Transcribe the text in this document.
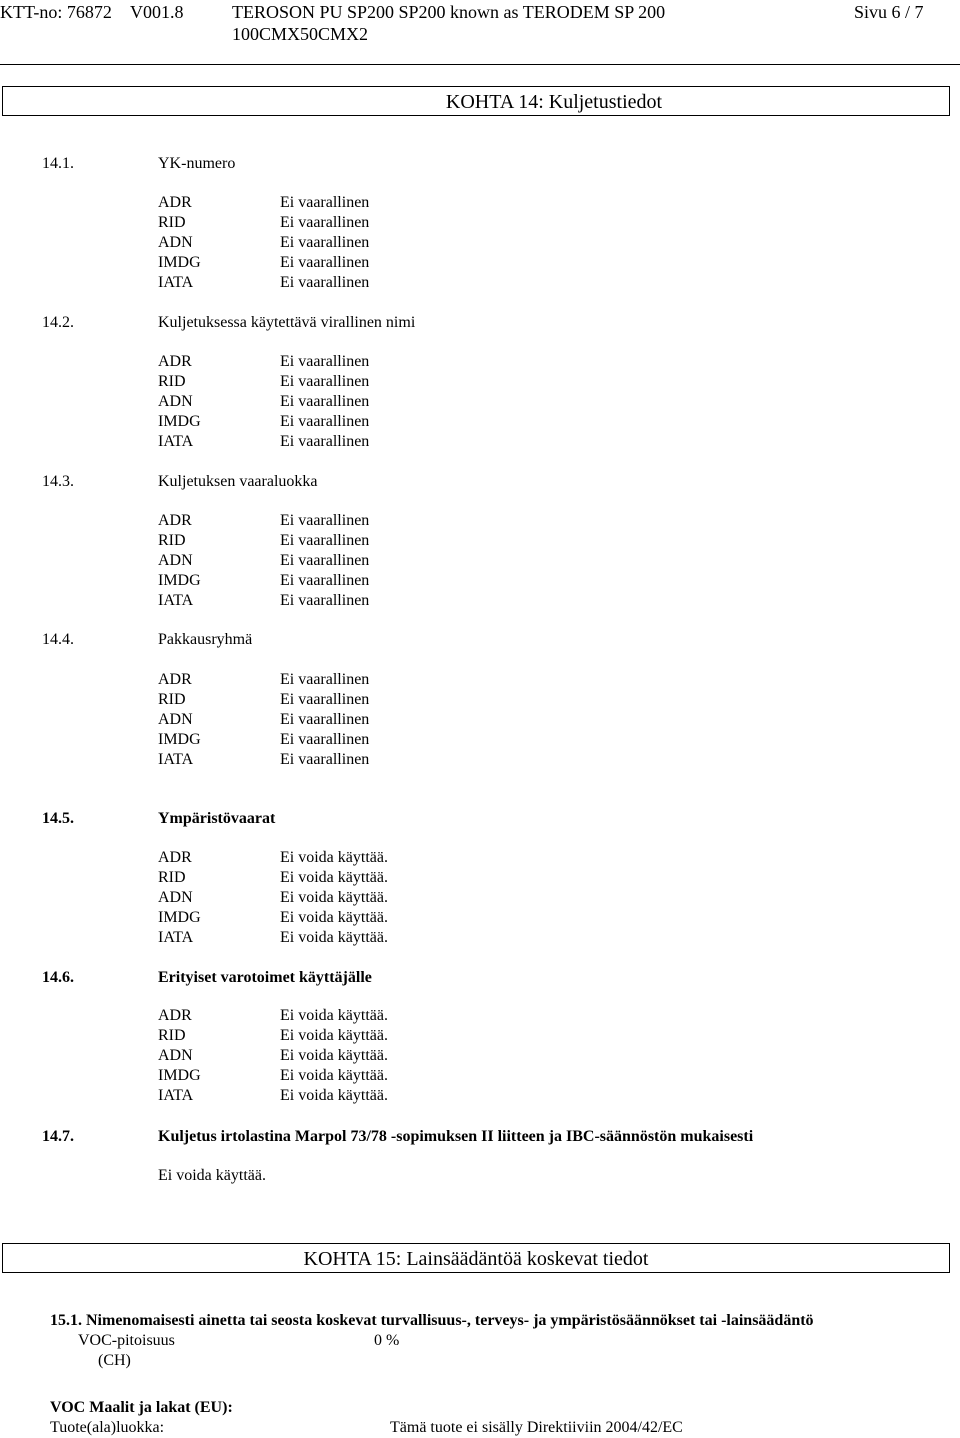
KTT-no: 76872 V001.8	TEROSON PU SP200 SP200 known as TERODEM SP 200
100CMX50CMX2
Sivu 6 / 7
KOHTA 14: Kuljetustiedot
14.1.	YK-numero
ADR	Ei vaarallinen
RID	Ei vaarallinen
ADN	Ei vaarallinen
IMDG	Ei vaarallinen
IATA	Ei vaarallinen
14.2.	Kuljetuksessa käytettävä virallinen nimi
ADR	Ei vaarallinen
RID	Ei vaarallinen
ADN	Ei vaarallinen
IMDG	Ei vaarallinen
IATA	Ei vaarallinen
14.3.	Kuljetuksen vaaraluokka
ADR	Ei vaarallinen
RID	Ei vaarallinen
ADN	Ei vaarallinen
IMDG	Ei vaarallinen
IATA	Ei vaarallinen
14.4.	Pakkausryhmä
ADR	Ei vaarallinen
RID	Ei vaarallinen
ADN	Ei vaarallinen
IMDG	Ei vaarallinen
IATA	Ei vaarallinen
14.5.	Ympäristövaarat
ADR	Ei voida käyttää.
RID	Ei voida käyttää.
ADN	Ei voida käyttää.
IMDG	Ei voida käyttää.
IATA	Ei voida käyttää.
14.6.	Erityiset varotoimet käyttäjälle
ADR	Ei voida käyttää.
RID	Ei voida käyttää.
ADN	Ei voida käyttää.
IMDG	Ei voida käyttää.
IATA	Ei voida käyttää.
14.7.	Kuljetus irtolastina Marpol 73/78 -sopimuksen II liitteen ja IBC-säännöstön mukaisesti
Ei voida käyttää.
KOHTA 15: Lainsäädäntöä koskevat tiedot
15.1. Nimenomaisesti ainetta tai seosta koskevat turvallisuus-, terveys- ja ympäristösäännökset tai -lainsäädäntö
VOC-pitoisuus	0 %
(CH)
VOC Maalit ja lakat (EU):
Tuote(ala)luokka:	Tämä tuote ei sisälly Direktiiviin 2004/42/EC
